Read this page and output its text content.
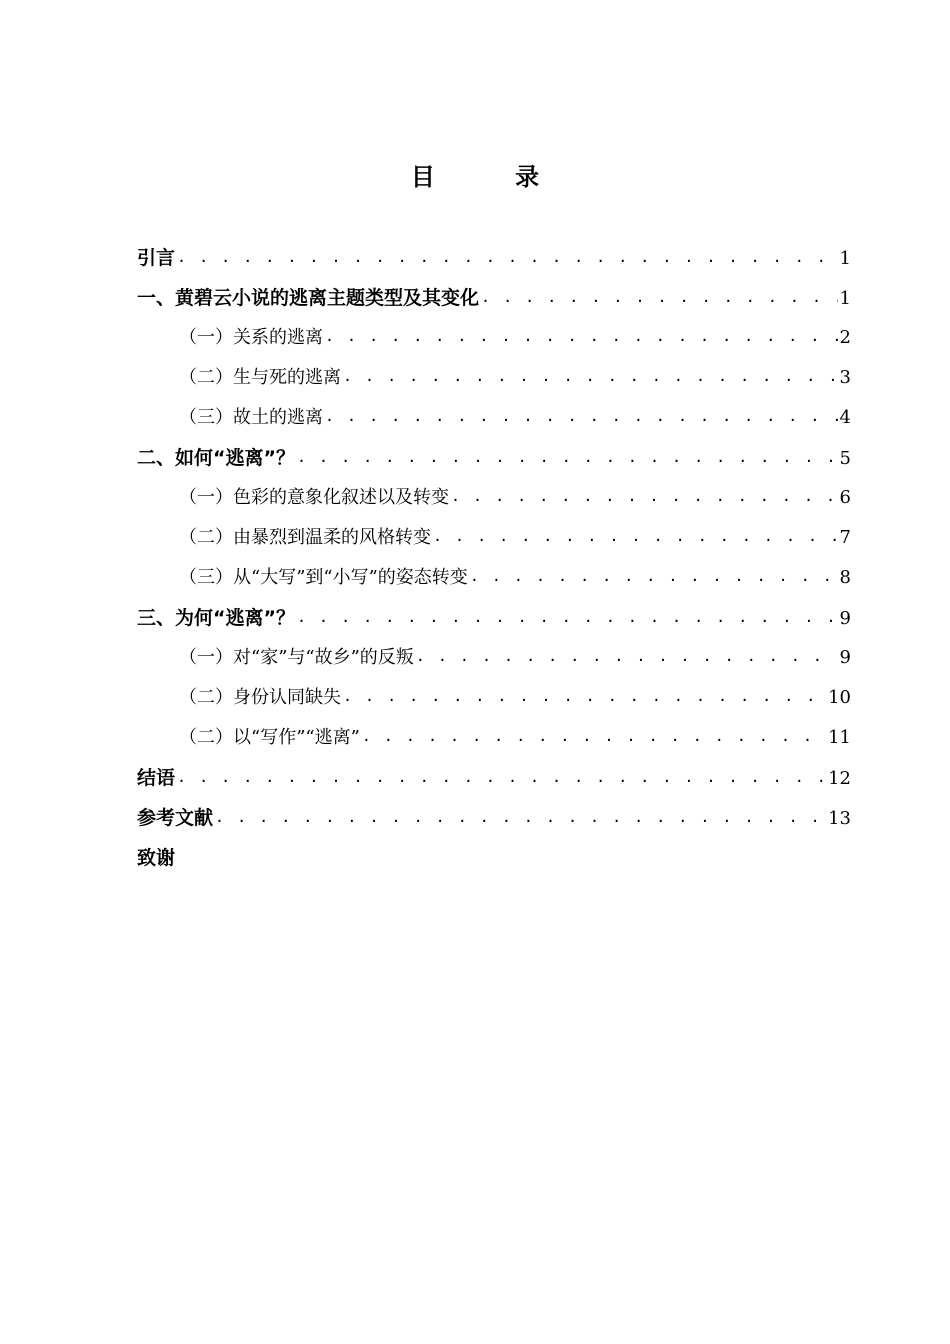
目 录
引言 . . .	1
一、黄碧云小说的逃离主题类型及其变化 . . .	1
（一）关系的逃离 . . .	2
（二）生与死的逃离 . . .	3
（三）故土的逃离 . . .	4
二、如何“逃离”？ . . .	5
（一）色彩的意象化叙述以及转变 . . .	6
（二）由暴烈到温柔的风格转变 . . .	7
（三）从“大写”到“小写”的姿态转变 . . .	8
三、为何“逃离”？ . . .	9
（一）对“家”与“故乡”的反叛 . . .	9
（二）身份认同缺失 . . .	10
（二）以“写作”“逃离” . . .	11
结语 . . .	12
参考文献 . . .	13
致谢
